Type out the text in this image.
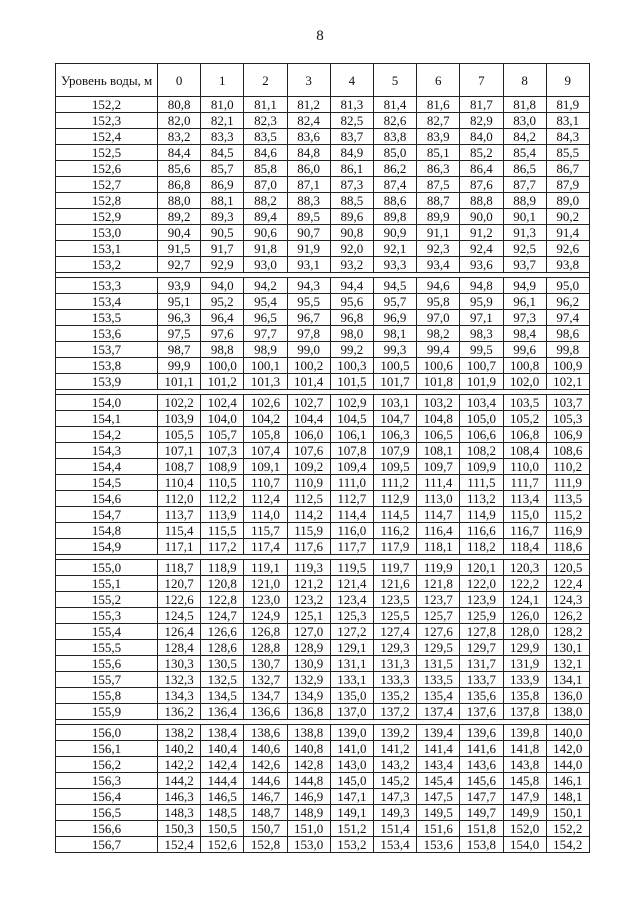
8
Уровень воды, м	0	1	2	3	4	5	6	7	8	9
152,2	80,8	81,0	81,1	81,2	81,3	81,4	81,6	81,7	81,8	81,9
152,3	82,0	82,1	82,3	82,4	82,5	82,6	82,7	82,9	83,0	83,1
152,4	83,2	83,3	83,5	83,6	83,7	83,8	83,9	84,0	84,2	84,3
152,5	84,4	84,5	84,6	84,8	84,9	85,0	85,1	85,2	85,4	85,5
152,6	85,6	85,7	85,8	86,0	86,1	86,2	86,3	86,4	86,5	86,7
152,7	86,8	86,9	87,0	87,1	87,3	87,4	87,5	87,6	87,7	87,9
152,8	88,0	88,1	88,2	88,3	88,5	88,6	88,7	88,8	88,9	89,0
152,9	89,2	89,3	89,4	89,5	89,6	89,8	89,9	90,0	90,1	90,2
153,0	90,4	90,5	90,6	90,7	90,8	90,9	91,1	91,2	91,3	91,4
153,1	91,5	91,7	91,8	91,9	92,0	92,1	92,3	92,4	92,5	92,6
153,2	92,7	92,9	93,0	93,1	93,2	93,3	93,4	93,6	93,7	93,8

153,3	93,9	94,0	94,2	94,3	94,4	94,5	94,6	94,8	94,9	95,0
153,4	95,1	95,2	95,4	95,5	95,6	95,7	95,8	95,9	96,1	96,2
153,5	96,3	96,4	96,5	96,7	96,8	96,9	97,0	97,1	97,3	97,4
153,6	97,5	97,6	97,7	97,8	98,0	98,1	98,2	98,3	98,4	98,6
153,7	98,7	98,8	98,9	99,0	99,2	99,3	99,4	99,5	99,6	99,8
153,8	99,9	100,0	100,1	100,2	100,3	100,5	100,6	100,7	100,8	100,9
153,9	101,1	101,2	101,3	101,4	101,5	101,7	101,8	101,9	102,0	102,1

154,0	102,2	102,4	102,6	102,7	102,9	103,1	103,2	103,4	103,5	103,7
154,1	103,9	104,0	104,2	104,4	104,5	104,7	104,8	105,0	105,2	105,3
154,2	105,5	105,7	105,8	106,0	106,1	106,3	106,5	106,6	106,8	106,9
154,3	107,1	107,3	107,4	107,6	107,8	107,9	108,1	108,2	108,4	108,6
154,4	108,7	108,9	109,1	109,2	109,4	109,5	109,7	109,9	110,0	110,2
154,5	110,4	110,5	110,7	110,9	111,0	111,2	111,4	111,5	111,7	111,9
154,6	112,0	112,2	112,4	112,5	112,7	112,9	113,0	113,2	113,4	113,5
154,7	113,7	113,9	114,0	114,2	114,4	114,5	114,7	114,9	115,0	115,2
154,8	115,4	115,5	115,7	115,9	116,0	116,2	116,4	116,6	116,7	116,9
154,9	117,1	117,2	117,4	117,6	117,7	117,9	118,1	118,2	118,4	118,6

155,0	118,7	118,9	119,1	119,3	119,5	119,7	119,9	120,1	120,3	120,5
155,1	120,7	120,8	121,0	121,2	121,4	121,6	121,8	122,0	122,2	122,4
155,2	122,6	122,8	123,0	123,2	123,4	123,5	123,7	123,9	124,1	124,3
155,3	124,5	124,7	124,9	125,1	125,3	125,5	125,7	125,9	126,0	126,2
155,4	126,4	126,6	126,8	127,0	127,2	127,4	127,6	127,8	128,0	128,2
155,5	128,4	128,6	128,8	128,9	129,1	129,3	129,5	129,7	129,9	130,1
155,6	130,3	130,5	130,7	130,9	131,1	131,3	131,5	131,7	131,9	132,1
155,7	132,3	132,5	132,7	132,9	133,1	133,3	133,5	133,7	133,9	134,1
155,8	134,3	134,5	134,7	134,9	135,0	135,2	135,4	135,6	135,8	136,0
155,9	136,2	136,4	136,6	136,8	137,0	137,2	137,4	137,6	137,8	138,0

156,0	138,2	138,4	138,6	138,8	139,0	139,2	139,4	139,6	139,8	140,0
156,1	140,2	140,4	140,6	140,8	141,0	141,2	141,4	141,6	141,8	142,0
156,2	142,2	142,4	142,6	142,8	143,0	143,2	143,4	143,6	143,8	144,0
156,3	144,2	144,4	144,6	144,8	145,0	145,2	145,4	145,6	145,8	146,1
156,4	146,3	146,5	146,7	146,9	147,1	147,3	147,5	147,7	147,9	148,1
156,5	148,3	148,5	148,7	148,9	149,1	149,3	149,5	149,7	149,9	150,1
156,6	150,3	150,5	150,7	151,0	151,2	151,4	151,6	151,8	152,0	152,2
156,7	152,4	152,6	152,8	153,0	153,2	153,4	153,6	153,8	154,0	154,2
